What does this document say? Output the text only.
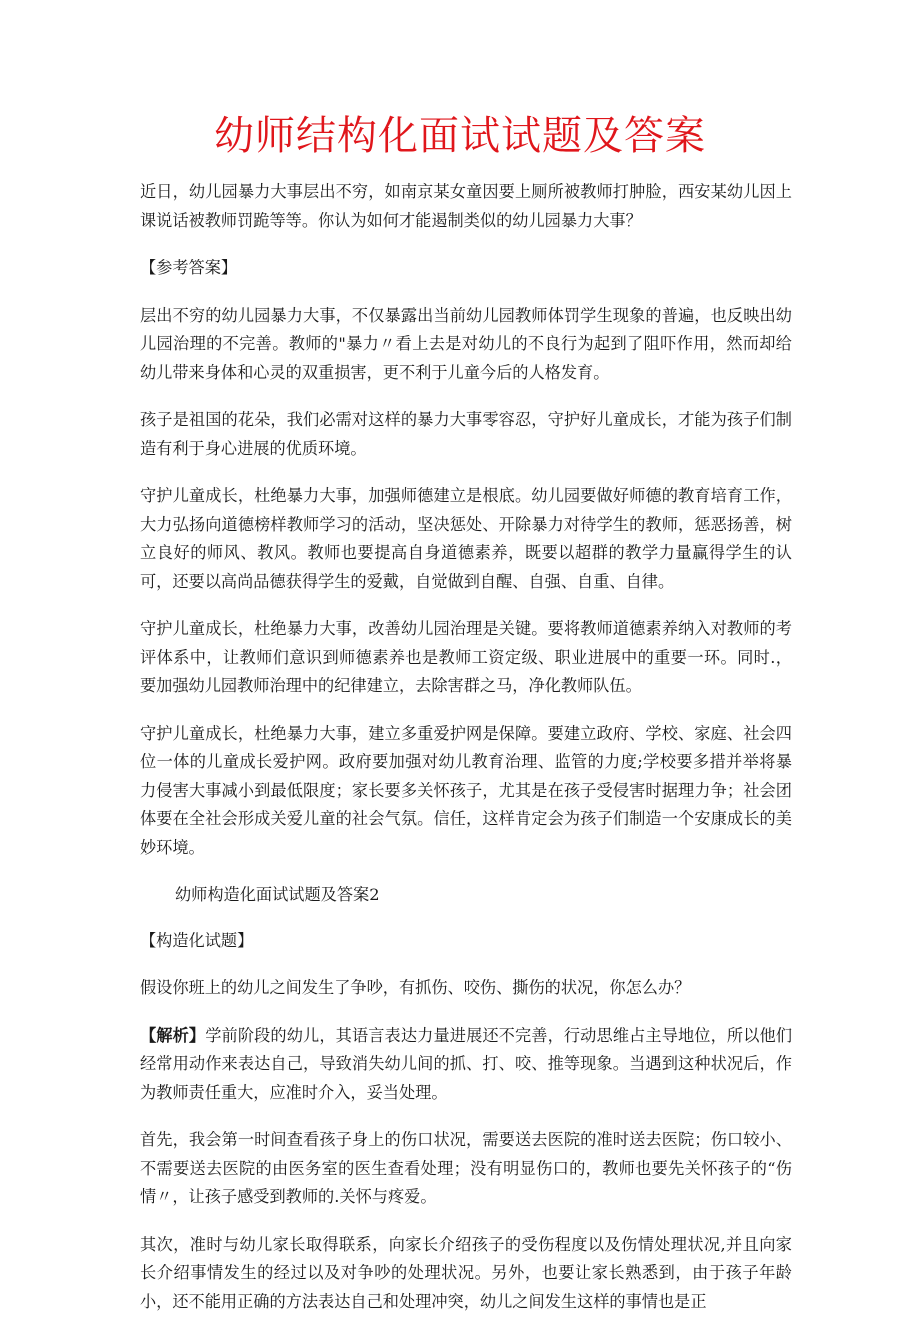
幼师结构化面试试题及答案

近日，幼儿园暴力大事层出不穷，如南京某女童因要上厕所被教师打肿脸，西安某幼儿因上课说话被教师罚跪等等。你认为如何才能遏制类似的幼儿园暴力大事？

【参考答案】

层出不穷的幼儿园暴力大事，不仅暴露出当前幼儿园教师体罚学生现象的普遍，也反映出幼儿园治理的不完善。教师的"暴力〃看上去是对幼儿的不良行为起到了阻吓作用，然而却给幼儿带来身体和心灵的双重损害，更不利于儿童今后的人格发育。

孩子是祖国的花朵，我们必需对这样的暴力大事零容忍，守护好儿童成长，才能为孩子们制造有利于身心进展的优质环境。

守护儿童成长，杜绝暴力大事，加强师德建立是根底。幼儿园要做好师德的教育培育工作，大力弘扬向道德榜样教师学习的活动，坚决惩处、开除暴力对待学生的教师，惩恶扬善，树立良好的师风、教风。教师也要提高自身道德素养，既要以超群的教学力量赢得学生的认可，还要以高尚品德获得学生的爱戴，自觉做到自醒、自强、自重、自律。

守护儿童成长，杜绝暴力大事，改善幼儿园治理是关键。要将教师道德素养纳入对教师的考评体系中，让教师们意识到师德素养也是教师工资定级、职业进展中的重要一环。同时.，要加强幼儿园教师治理中的纪律建立，去除害群之马，净化教师队伍。

守护儿童成长，杜绝暴力大事，建立多重爱护网是保障。要建立政府、学校、家庭、社会四位一体的儿童成长爱护网。政府要加强对幼儿教育治理、监管的力度;学校要多措并举将暴力侵害大事减小到最低限度；家长要多关怀孩子，尤其是在孩子受侵害时据理力争；社会团体要在全社会形成关爱儿童的社会气氛。信任，这样肯定会为孩子们制造一个安康成长的美妙环境。

幼师构造化面试试题及答案2

【构造化试题】

假设你班上的幼儿之间发生了争吵，有抓伤、咬伤、撕伤的状况，你怎么办？

【解析】学前阶段的幼儿，其语言表达力量进展还不完善，行动思维占主导地位，所以他们经常用动作来表达自己，导致消失幼儿间的抓、打、咬、推等现象。当遇到这种状况后，作为教师责任重大，应准时介入，妥当处理。

首先，我会第一时间查看孩子身上的伤口状况，需要送去医院的准时送去医院；伤口较小、不需要送去医院的由医务室的医生查看处理；没有明显伤口的，教师也要先关怀孩子的“伤情〃，让孩子感受到教师的.关怀与疼爱。

其次，准时与幼儿家长取得联系，向家长介绍孩子的受伤程度以及伤情处理状况,并且向家长介绍事情发生的经过以及对争吵的处理状况。另外，也要让家长熟悉到，由于孩子年龄小，还不能用正确的方法表达自己和处理冲突，幼儿之间发生这样的事情也是正
